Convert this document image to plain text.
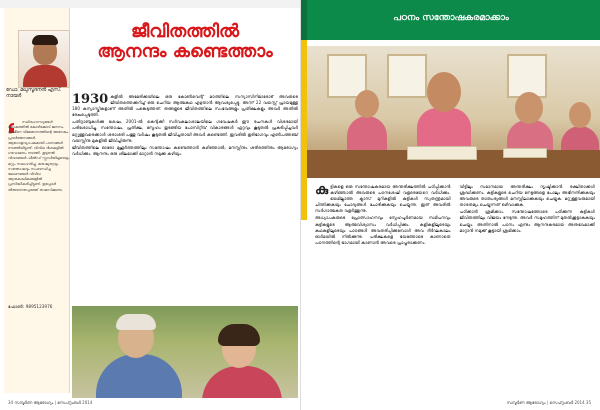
ഡോ. മധുസൂദനൻ എസ്. നായർ
സ്ഥിരഹാസ്യങ്ങൾ ലോകത്തിൽ കോഴിക്കോട് ജനനം. ഗ്രാമീണ വിജ്ഞാനത്തിന്റെ അനേകം പ്രവർത്തനങ്ങൾ. ആഗോളവ്യാപകമായി പഠനങ്ങൾ നടത്തിയിട്ടുണ്ട്. വിവിധ ദിശകളിൽ ഗവേഷണം നടത്തി. കൂടുതൽ വിവരങ്ങൾ ഫീൽഡ് സ്റ്റഡിയിലൂടെയും മറ്റും സമാഹരിച്ചു. മനുഷ്യത്വവും സന്തോഷവും സംബന്ധിച്ച ലേഖനങ്ങൾ വിവിധ ആനുകാലികങ്ങളിൽ പ്രസിദ്ധീകരിച്ചിട്ടുണ്ട്. ഇപ്പോൾ തിരുവനന്തപുരത്ത് താമസിക്കുന്നു.
ഫോൺ: 9895123976
ജീവിതത്തിൽ
ആനന്ദം കണ്ടെത്താം
1930 കളിൽ അമേരിക്കയിലെ ഒരു കോൺവെന്റ് മഠത്തിലെ സന്യാസിനിമാരോട് അവരുടെ ജീവിതത്തെക്കുറിച്ച് ഒരു ചെറിയ ആത്മകഥ എഴുതാൻ ആവശ്യപ്പെട്ടു. അന്ന് 22 വയസ്സ് പ്രായമുള്ള 180 കന്യാസ്ത്രീകളാണ് അതിൽ പങ്കെടുത്തത്. തങ്ങളുടെ ജീവിതത്തിലെ സംഭവങ്ങളും പ്രതീക്ഷകളും അവർ അതിൽ രേഖപ്പെടുത്തി.

പതിറ്റാണ്ടുകൾക്കു ശേഷം 2001-ൽ കെന്റക്കി സർവകലാശാലയിലെ ഗവേഷകർ ഈ രചനകൾ വിശദമായി പരിശോധിച്ചു. സന്തോഷം, പ്രതീക്ഷ, സ്നേഹം തുടങ്ങിയ പോസിറ്റീവ് വികാരങ്ങൾ ഏറ്റവും കൂടുതൽ പ്രകടിപ്പിച്ചവർ മറ്റുള്ളവരെക്കാൾ ശരാശരി പത്തു വർഷം കൂടുതൽ ജീവിച്ചതായി അവർ കണ്ടെത്തി. ഇവരിൽ ഭൂരിഭാഗവും എൺപത്തഞ്ച് വയസ്സിനു മുകളിൽ ജീവിച്ചിരുന്നു.

ജീവിതത്തിലെ ഓരോ മുഹൂർത്തത്തിലും സന്തോഷം കണ്ടെത്താൻ കഴിഞ്ഞാൽ, മനസ്സിനും ശരീരത്തിനും ആരോഗ്യം വർധിക്കും. ആനന്ദം ഒരു ശീലമാക്കി മാറ്റാൻ നമുക്കു കഴിയും.

34 സമ്പൂർണ ആരോഗ്യം | സെപ്റ്റംബർ 2014
പഠനം സന്തോഷകരമാക്കാം
കു ട്ടികളെ ഒരു സന്തോഷകരമായ അന്തരീക്ഷത്തിൽ പഠിപ്പിക്കാൻ കഴിഞ്ഞാൽ അവരുടെ പഠനശേഷി വളരെയേറെ വർധിക്കും. ഭയമില്ലാത്ത ക്ലാസ് മുറികളിൽ കുട്ടികൾ സ്വതന്ത്രമായി ചിന്തിക്കുകയും ചോദ്യങ്ങൾ ചോദിക്കുകയും ചെയ്യുന്നു. ഇത് അവരിൽ സർഗാത്മകത വളർത്തുന്നു.

അധ്യാപകരുടെ പ്രോത്സാഹനവും സ്നേഹപൂർണമായ സമീപനവും കുട്ടികളുടെ ആത്മവിശ്വാസം വർധിപ്പിക്കും. കളികളിലൂടെയും കഥകളിലൂടെയും പാഠങ്ങൾ അവതരിപ്പിക്കുമ്പോൾ അവ ദീർഘകാലം ഓർമയിൽ നിൽക്കുന്നു. പരീക്ഷകളെ ഭയത്തോടെ കാണാതെ പഠനത്തിന്റെ ഭാഗമായി കാണാൻ അവരെ പ്രാപ്തരാക്കണം.

വീട്ടിലും സമാനമായ അന്തരീക്ഷം സൃഷ്ടിക്കാൻ രക്ഷിതാക്കൾ ശ്രദ്ധിക്കണം. കുട്ടികളുടെ ചെറിയ നേട്ടങ്ങളെ പോലും അഭിനന്ദിക്കുകയും അവരുടെ താത്പര്യങ്ങൾ മനസ്സിലാക്കുകയും ചെയ്യുക. മറ്റുള്ളവരുമായി താരതമ്യം ചെയ്യുന്നത് ഒഴിവാക്കുക.

പഠിക്കാൻ ശ്രമിക്കാം. സന്തോഷത്തോടെ പഠിക്കുന്ന കുട്ടികൾ ജീവിതത്തിലും വിജയം നേടുന്നു. അവർ സമൂഹത്തിന് മുതൽക്കൂട്ടാകുകയും ചെയ്യും. അതിനാൽ പഠനം എന്നും ആനന്ദകരമായ അനുഭവമാക്കി മാറ്റാൻ നമുക്ക് കൂട്ടായി ശ്രമിക്കാം.

സമ്പൂർണ ആരോഗ്യം | സെപ്റ്റംബർ 2014 35
